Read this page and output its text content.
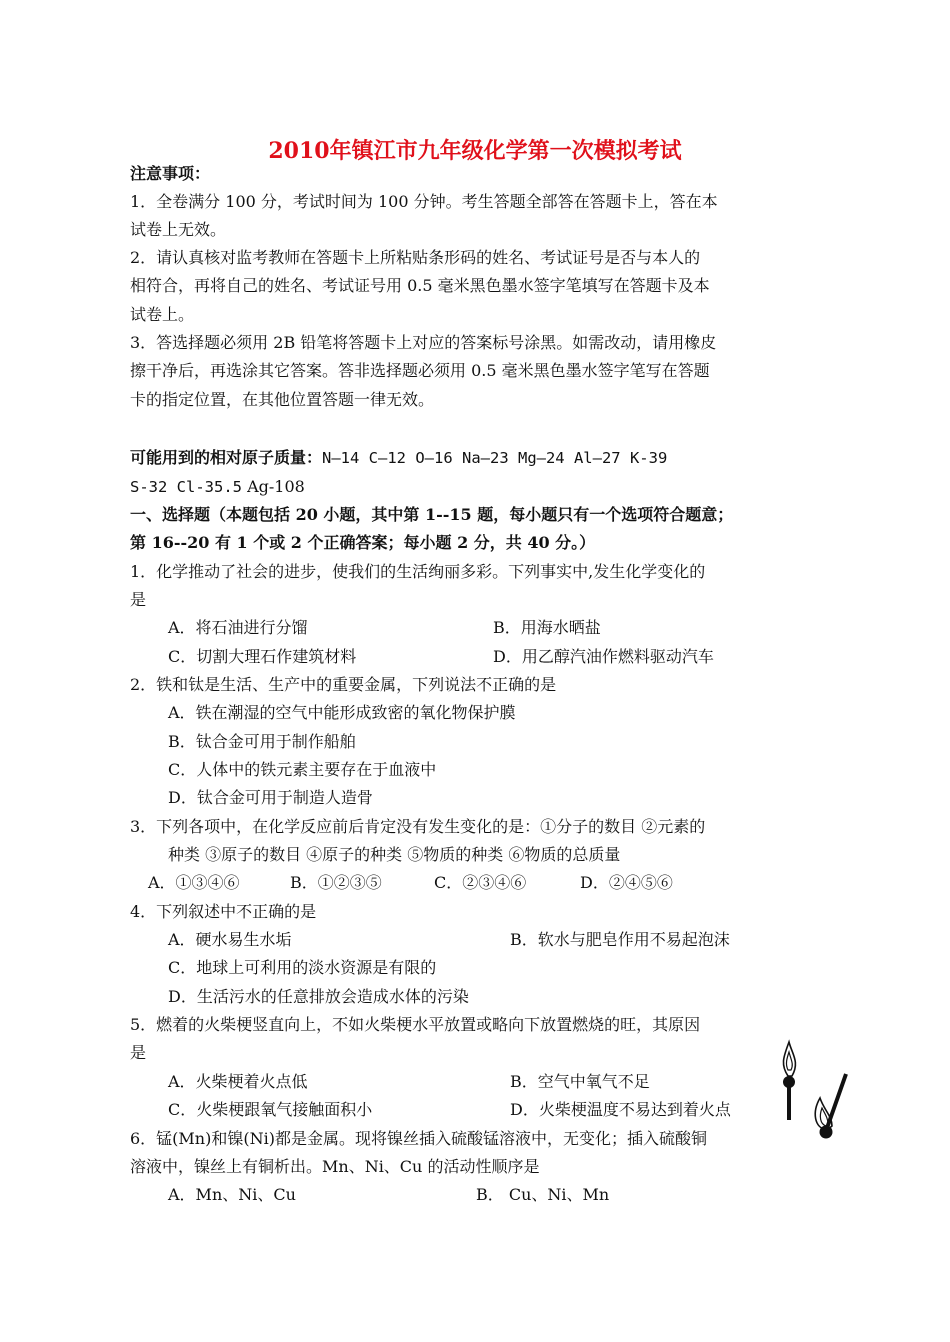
2010年镇江市九年级化学第一次模拟考试
注意事项：
1．全卷满分 100 分，考试时间为 100 分钟。考生答题全部答在答题卡上，答在本
试卷上无效。
2．请认真核对监考教师在答题卡上所粘贴条形码的姓名、考试证号是否与本人的
相符合，再将自己的姓名、考试证号用 0.5 毫米黑色墨水签字笔填写在答题卡及本
试卷上。
3．答选择题必须用 2B 铅笔将答题卡上对应的答案标号涂黑。如需改动，请用橡皮
擦干净后，再选涂其它答案。答非选择题必须用 0.5 毫米黑色墨水签字笔写在答题
卡的指定位置，在其他位置答题一律无效。
可能用到的相对原子质量：N—14 C—12 O—16 Na—23 Mg—24 Al—27 K-39
S-32 Cl-35.5 Ag-108
一、选择题（本题包括 20 小题，其中第 1--15 题，每小题只有一个选项符合题意；
第 16--20 有 1 个或 2 个正确答案；每小题 2 分，共 40 分。）
1．化学推动了社会的进步，使我们的生活绚丽多彩。下列事实中,发生化学变化的
是
A．将石油进行分馏	B．用海水晒盐
C．切割大理石作建筑材料	D．用乙醇汽油作燃料驱动汽车
2．铁和钛是生活、生产中的重要金属，下列说法不正确的是
A．铁在潮湿的空气中能形成致密的氧化物保护膜
B．钛合金可用于制作船舶
C．人体中的铁元素主要存在于血液中
D．钛合金可用于制造人造骨
3．下列各项中，在化学反应前后肯定没有发生变化的是：①分子的数目 ②元素的
种类 ③原子的数目 ④原子的种类 ⑤物质的种类 ⑥物质的总质量
A．①③④⑥	B．①②③⑤	C．②③④⑥	D．②④⑤⑥
4．下列叙述中不正确的是
A．硬水易生水垢	B．软水与肥皂作用不易起泡沫
C．地球上可利用的淡水资源是有限的
D．生活污水的任意排放会造成水体的污染
5．燃着的火柴梗竖直向上，不如火柴梗水平放置或略向下放置燃烧的旺，其原因
是
A．火柴梗着火点低	B．空气中氧气不足
C．火柴梗跟氧气接触面积小	D．火柴梗温度不易达到着火点
6．锰(Mn)和镍(Ni)都是金属。现将镍丝插入硫酸锰溶液中，无变化；插入硫酸铜
溶液中，镍丝上有铜析出。Mn、Ni、Cu 的活动性顺序是
A．Mn、Ni、Cu	B． Cu、Ni、Mn
